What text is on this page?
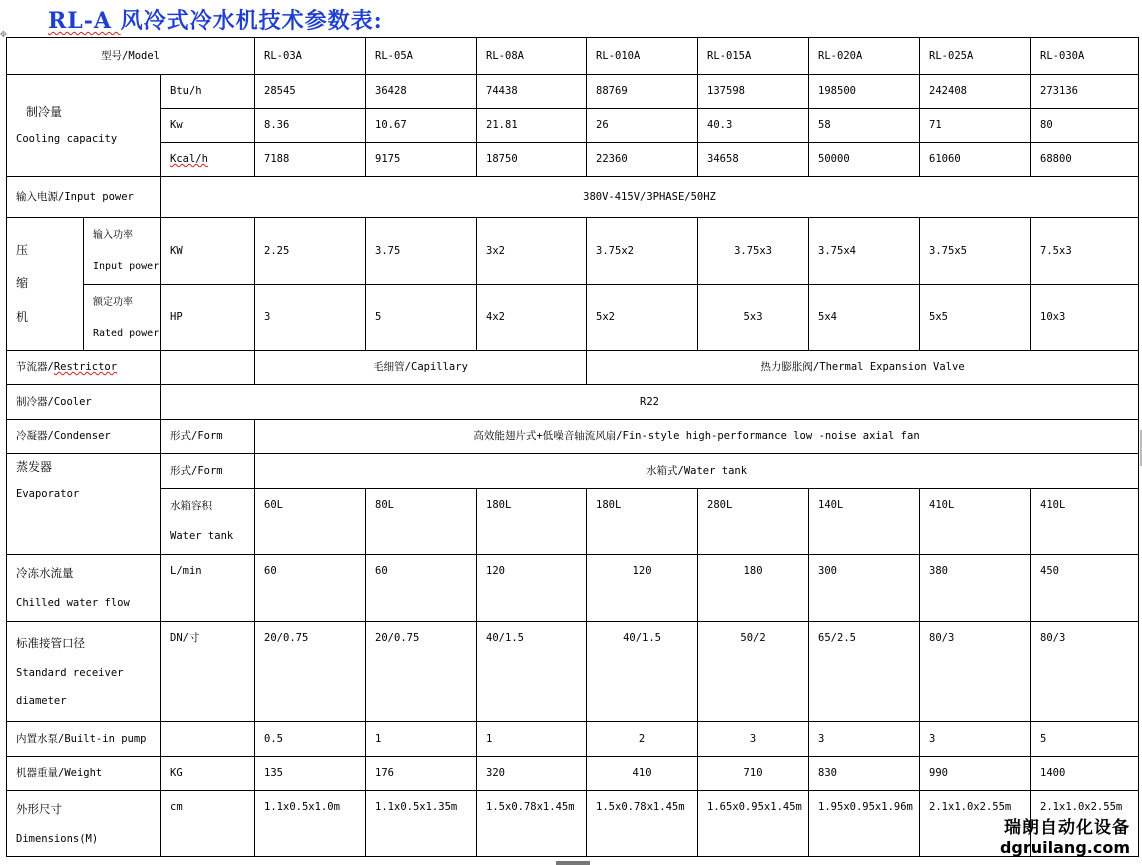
RL-A 风冷式冷水机技术参数表:
✥
型号/Model			RL-03A	RL-05A	RL-08A	RL-010A	RL-015A	RL-020A	RL-025A	RL-030A

制冷量
Cooling capacity		Btu/h	28545	36428	74438	88769	137598	198500	242408	273136
		Kw	8.36	10.67	21.81	26	40.3	58	71	80
		Kcal/h	7188	9175	18750	22360	34658	50000	61060	68800
输入电源/Input power		380V-415V/3PHASE/50HZ								

压
缩
机	输入功率
Input power	KW	2.25	3.75	3x2	3.75x2	3.75x3	3.75x4	3.75x5	7.5x3

	额定功率
Rated power	HP	3	5	4x2	5x2	5x3	5x4	5x5	10x3
节流器/Restrictor			毛细管/Capillary			热力膨胀阀/Thermal Expansion Valve				
制冷器/Cooler		R22								
冷凝器/Condenser		形式/Form	高效能翅片式+低噪音轴流风扇/Fin-style high-performance low -noise axial fan							

蒸发器
Evaporator		形式/Form	水箱式/Water tank							

		水箱容积
Water tank	60L	80L	180L	180L	280L	140L	410L	410L

冷冻水流量
Chilled water flow		L/min	60	60	120	120	180	300	380	450

标准接管口径
Standard receiver
diameter		DN/寸	20/0.75	20/0.75	40/1.5	40/1.5	50/2	65/2.5	80/3	80/3
内置水泵/Built-in pump			0.5	1	1	2	3	3	3	5
机器重量/Weight		KG	135	176	320	410	710	830	990	1400

外形尺寸
Dimensions(M)		cm	1.1x0.5x1.0m	1.1x0.5x1.35m	1.5x0.78x1.45m	1.5x0.78x1.45m	1.65x0.95x1.45m	1.95x0.95x1.96m	2.1x1.0x2.55m	2.1x1.0x2.55m
瑞朗自动化设备
dgruilang.com
